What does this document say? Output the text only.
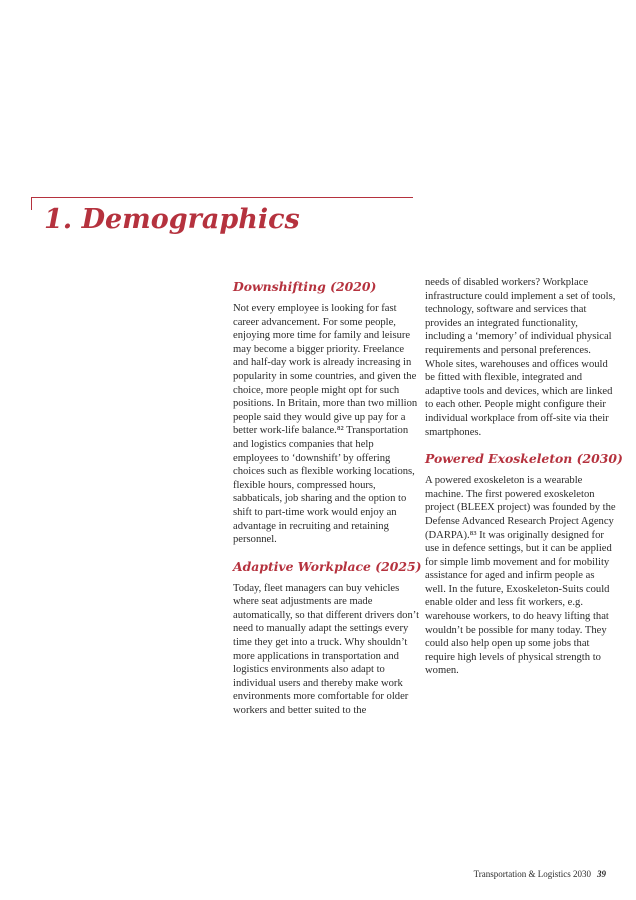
1. Demographics
Downshifting (2020)

Not every employee is looking for fast career advancement. For some people, enjoying more time for family and leisure may become a bigger priority. Freelance and half-day work is already increasing in popularity in some countries, and given the choice, more people might opt for such positions. In Britain, more than two million people said they would give up pay for a better work-life balance.⁸² Transportation and logistics companies that help employees to ‘downshift’ by offering choices such as flexible working locations, flexible hours, compressed hours, sabbaticals, job sharing and the option to shift to part-time work would enjoy an advantage in recruiting and retaining personnel.

Adaptive Workplace (2025)

Today, fleet managers can buy vehicles where seat adjustments are made automatically, so that different drivers don’t need to manually adapt the settings every time they get into a truck. Why shouldn’t more applications in transportation and logistics environments also adapt to individual users and thereby make work environments more comfortable for older workers and better suited to the

needs of disabled workers? Workplace infrastructure could implement a set of tools, technology, software and services that provides an integrated functionality, including a ‘memory’ of individual physical requirements and personal preferences. Whole sites, warehouses and offices would be fitted with flexible, integrated and adaptive tools and devices, which are linked to each other. People might configure their individual workplace from off-site via their smartphones.

Powered Exoskeleton (2030)

A powered exoskeleton is a wearable machine. The first powered exoskeleton project (BLEEX project) was founded by the Defense Advanced Research Project Agency (DARPA).⁸³ It was originally designed for use in defence settings, but it can be applied for simple limb movement and for mobility assistance for aged and infirm people as well. In the future, Exoskeleton-Suits could enable older and less fit workers, e.g. warehouse workers, to do heavy lifting that wouldn’t be possible for many today. They could also help open up some jobs that require high levels of physical strength to women.

Transportation & Logistics 2030 39
